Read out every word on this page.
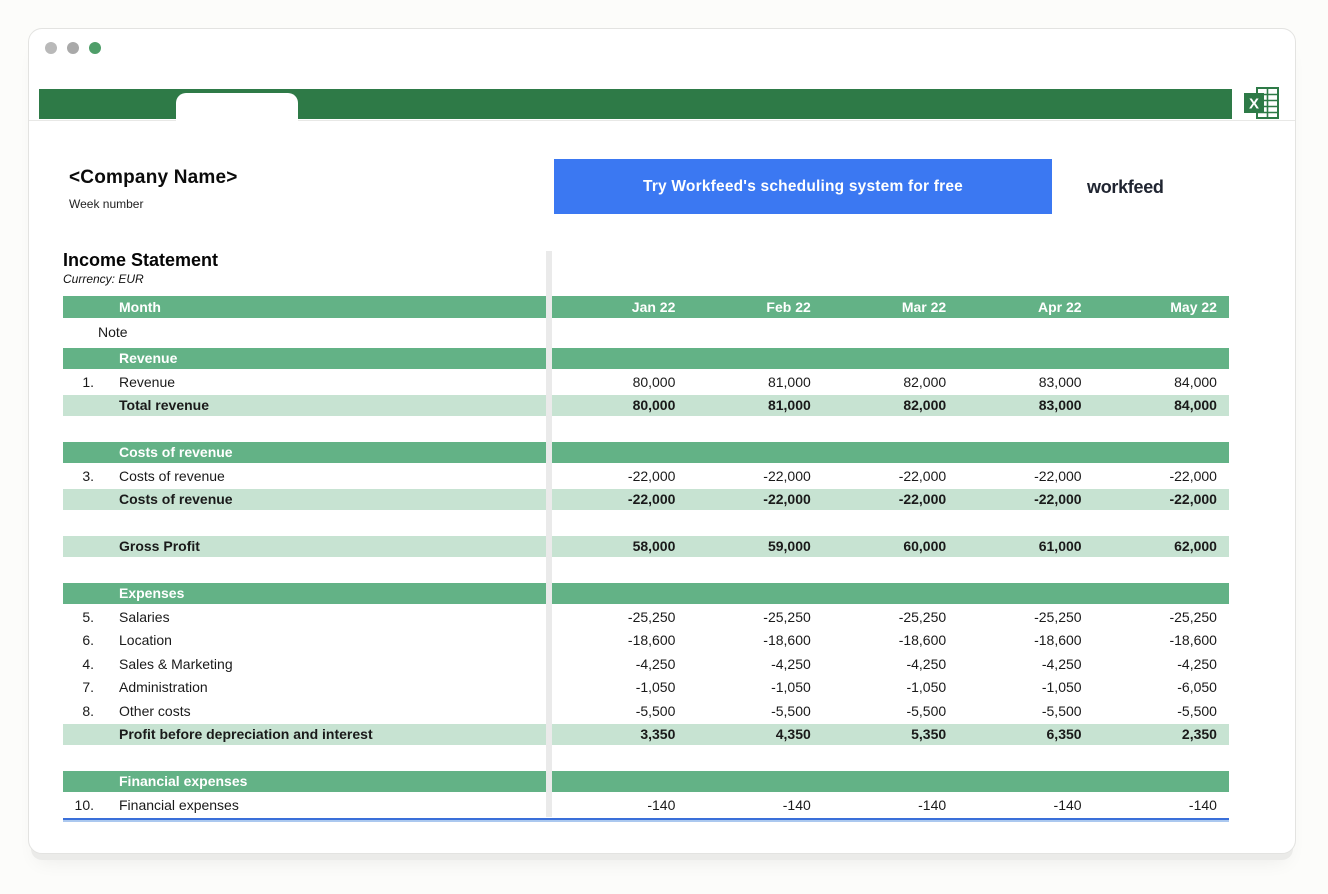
X
<Company Name>
Week number
Try Workfeed's scheduling system for free	workfeed
Income Statement
Currency: EUR
Month	Jan 22	Feb 22	Mar 22	Apr 22	May 22
Note
Revenue
1.	Revenue	80,000	81,000	82,000	83,000	84,000
Total revenue	80,000	81,000	82,000	83,000	84,000
Costs of revenue
3.	Costs of revenue	-22,000	-22,000	-22,000	-22,000	-22,000
Costs of revenue	-22,000	-22,000	-22,000	-22,000	-22,000
Gross Profit	58,000	59,000	60,000	61,000	62,000
Expenses
5.	Salaries	-25,250	-25,250	-25,250	-25,250	-25,250
6.	Location	-18,600	-18,600	-18,600	-18,600	-18,600
4.	Sales & Marketing	-4,250	-4,250	-4,250	-4,250	-4,250
7.	Administration	-1,050	-1,050	-1,050	-1,050	-6,050
8.	Other costs	-5,500	-5,500	-5,500	-5,500	-5,500
Profit before depreciation and interest	3,350	4,350	5,350	6,350	2,350
Financial expenses
10.	Financial expenses	-140	-140	-140	-140	-140
